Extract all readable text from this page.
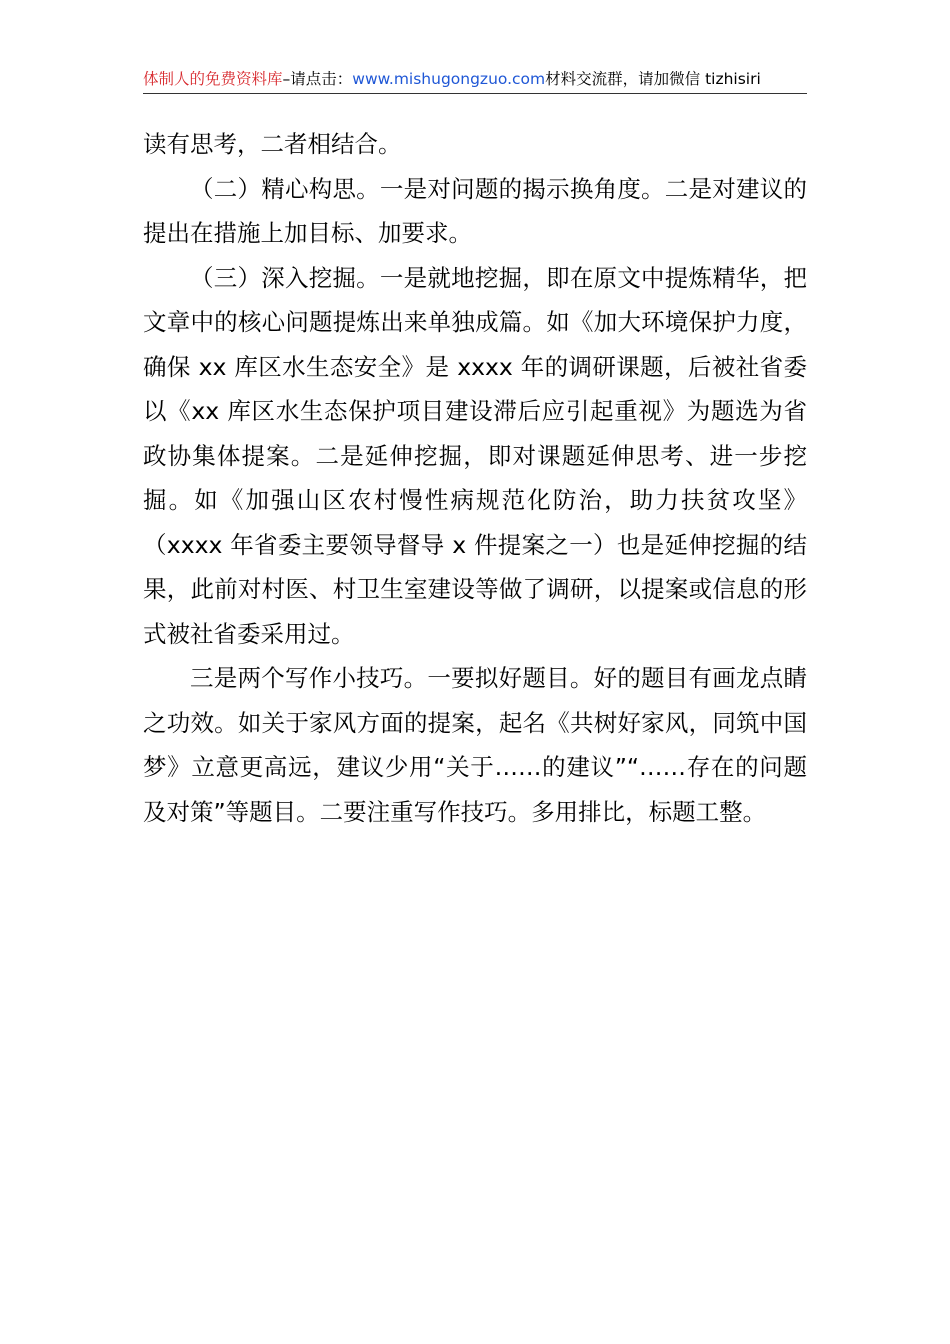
体制人的免费资料库–请点击：www.mishugongzuo.com材料交流群，请加微信 tizhisiri

读有思考，二者相结合。

（二）精心构思。一是对问题的揭示换角度。二是对建议的提出在措施上加目标、加要求。

（三）深入挖掘。一是就地挖掘，即在原文中提炼精华，把文章中的核心问题提炼出来单独成篇。如《加大环境保护力度，确保 xx 库区水生态安全》是 xxxx 年的调研课题，后被社省委以《xx 库区水生态保护项目建设滞后应引起重视》为题选为省政协集体提案。二是延伸挖掘，即对课题延伸思考、进一步挖掘。如《加强山区农村慢性病规范化防治，助力扶贫攻坚》（xxxx 年省委主要领导督导 x 件提案之一）也是延伸挖掘的结果，此前对村医、村卫生室建设等做了调研，以提案或信息的形式被社省委采用过。

三是两个写作小技巧。一要拟好题目。好的题目有画龙点睛之功效。如关于家风方面的提案，起名《共树好家风，同筑中国梦》立意更高远，建议少用“关于……的建议”“……存在的问题及对策”等题目。二要注重写作技巧。多用排比，标题工整。
